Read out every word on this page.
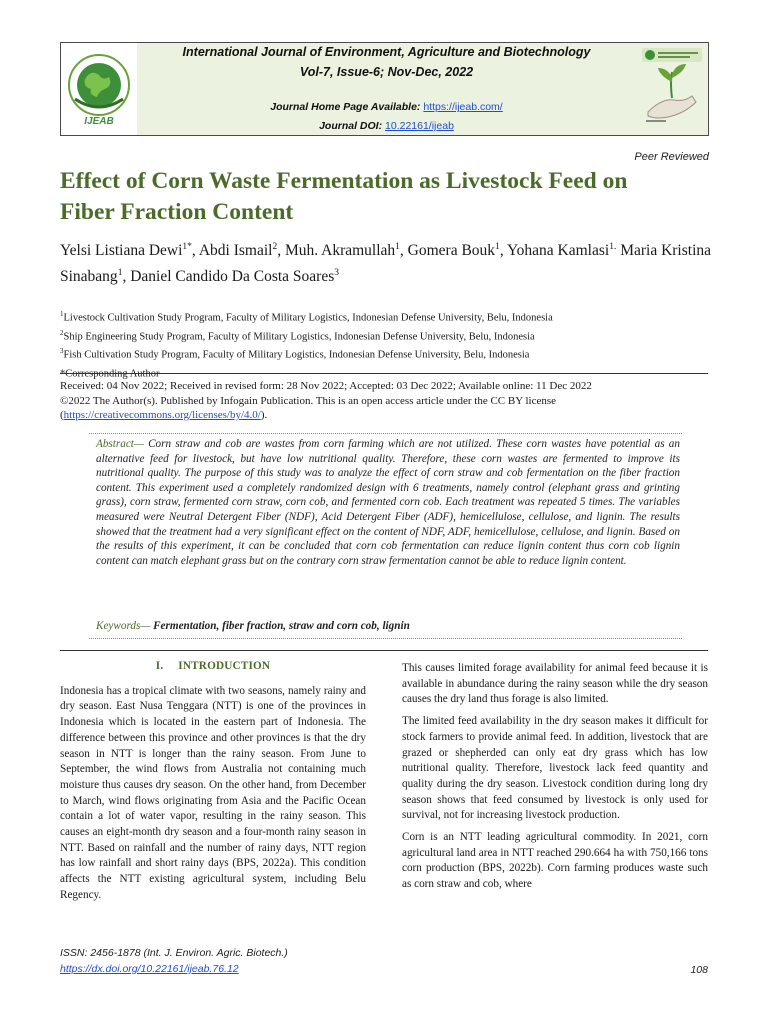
IJEAB
International Journal of Environment, Agriculture and Biotechnology
Vol-7, Issue-6; Nov-Dec, 2022
Journal Home Page Available: https://ijeab.com/
Journal DOI: 10.22161/ijeab
Peer Reviewed
Effect of Corn Waste Fermentation as Livestock Feed on
Fiber Fraction Content
Yelsi Listiana Dewi$^{1*}$, Abdi Ismail$^2$, Muh. Akramullah$^1$, Gomera Bouk$^1$, Yohana Kamlasi$^{1.}$ Maria Kristina Sinabang$^1$, Daniel Candido Da Costa Soares$^3$
$^1$Livestock Cultivation Study Program, Faculty of Military Logistics, Indonesian Defense University, Belu, Indonesia
$^2$Ship Engineering Study Program, Faculty of Military Logistics, Indonesian Defense University, Belu, Indonesia
$^3$Fish Cultivation Study Program, Faculty of Military Logistics, Indonesian Defense University, Belu, Indonesia
Received: 04 Nov 2022; Received in revised form: 28 Nov 2022; Accepted: 03 Dec 2022; Available online: 11 Dec 2022
©2022 The Author(s). Published by Infogain Publication. This is an open access article under the CC BY license
(https://creativecommons.org/licenses/by/4.0/).
Abstract— Corn straw and cob are wastes from corn farming which are not utilized. These corn wastes have potential as an alternative feed for livestock, but have low nutritional quality. Therefore, these corn wastes are fermented to improve its nutritional quality. The purpose of this study was to analyze the effect of corn straw and cob fermentation on the fiber fraction content. This experiment used a completely randomized design with 6 treatments, namely control (elephant grass and grinting grass), corn straw, fermented corn straw, corn cob, and fermented corn cob. Each treatment was repeated 5 times. The variables measured were Neutral Detergent Fiber (NDF), Acid Detergent Fiber (ADF), hemicellulose, cellulose, and lignin. The results showed that the treatment had a very significant effect on the content of NDF, ADF, hemicellulose, cellulose, and lignin. Based on the results of this experiment, it can be concluded that corn cob fermentation can reduce lignin content thus corn cob lignin content can match elephant grass but on the contrary corn straw fermentation cannot be able to reduce lignin content.
Keywords— Fermentation, fiber fraction, straw and corn cob, lignin
I.     INTRODUCTION

Indonesia has a tropical climate with two seasons, namely rainy and dry season. East Nusa Tenggara (NTT) is one of the provinces in Indonesia which is located in the eastern part of Indonesia. The difference between this province and other provinces is that the dry season in NTT is longer than the rainy season. From June to September, the wind flows from Australia not containing much moisture thus causes dry season. On the other hand, from December to March, wind flows originating from Asia and the Pacific Ocean contain a lot of water vapor, resulting in the rainy season. This causes an eight-month dry season and a four-month rainy season in NTT. Based on rainfall and the number of rainy days, NTT region has low rainfall and short rainy days (BPS, 2022a). This condition affects the NTT existing agricultural system, including Belu Regency.

This causes limited forage availability for animal feed because it is available in abundance during the rainy season while the dry season causes the dry land thus forage is also limited.

The limited feed availability in the dry season makes it difficult for stock farmers to provide animal feed. In addition, livestock that are grazed or shepherded can only eat dry grass which has low nutritional quality. Therefore, livestock lack feed quantity and quality during the dry season. Livestock condition during long dry season shows that feed consumed by livestock is only used for survival, not for increasing livestock production.

Corn is an NTT leading agricultural commodity. In 2021, corn agricultural land area in NTT reached 290.664 ha with 750,166 tons corn production (BPS, 2022b). Corn farming produces waste such as corn straw and cob, where

ISSN: 2456-1878 (Int. J. Environ. Agric. Biotech.)
https://dx.doi.org/10.22161/ijeab.76.12	108
